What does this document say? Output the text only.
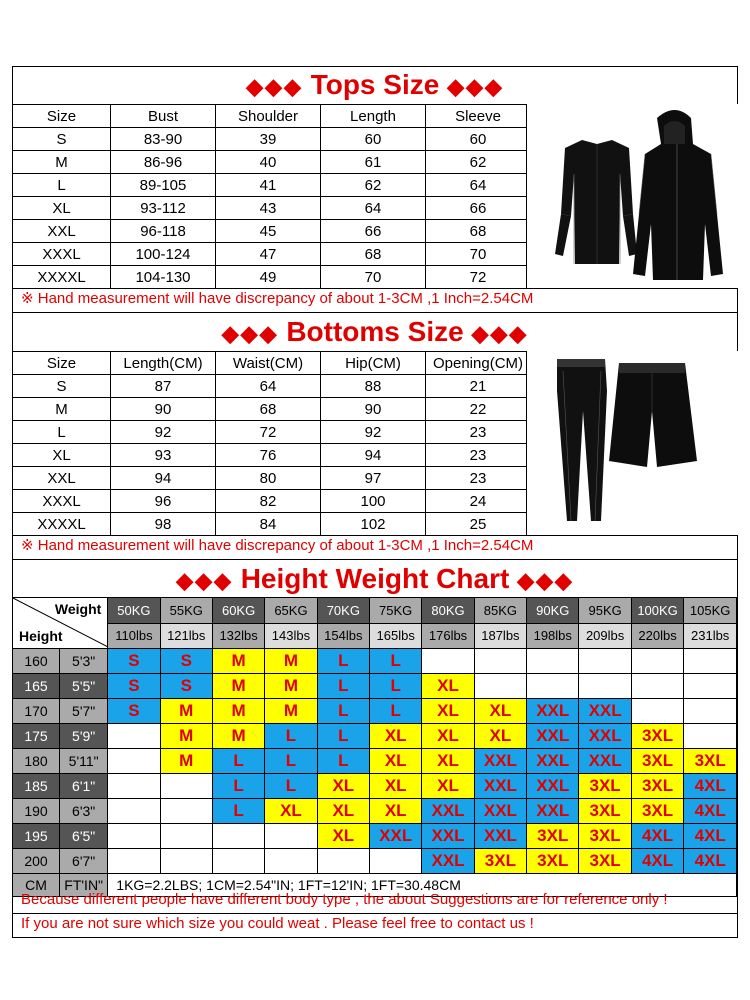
◆◆◆ Tops Size ◆◆◆
Size	Bust	Shoulder	Length	Sleeve
S	83-90	39	60	60
M	86-96	40	61	62
L	89-105	41	62	64
XL	93-112	43	64	66
XXL	96-118	45	66	68
XXXL	100-124	47	68	70
XXXXL	104-130	49	70	72
※ Hand measurement will have discrepancy of about 1-3CM ,1 Inch=2.54CM
◆◆◆ Bottoms Size ◆◆◆
Size	Length(CM)	Waist(CM)	Hip(CM)	Opening(CM)
S	87	64	88	21
M	90	68	90	22
L	92	72	92	23
XL	93	76	94	23
XXL	94	80	97	23
XXXL	96	82	100	24
XXXXL	98	84	102	25
※ Hand measurement will have discrepancy of about 1-3CM ,1 Inch=2.54CM
◆◆◆ Height Weight Chart ◆◆◆
Weight
Height		50KG	55KG	60KG	65KG	70KG	75KG	80KG	85KG	90KG	95KG	100KG	105KG
		110lbs	121lbs	132lbs	143lbs	154lbs	165lbs	176lbs	187lbs	198lbs	209lbs	220lbs	231lbs
160	5'3"	S	S	M	M	L	L						
165	5'5"	S	S	M	M	L	L	XL					
170	5'7"	S	M	M	M	L	L	XL	XL	XXL	XXL		
175	5'9"		M	M	L	L	XL	XL	XL	XXL	XXL	3XL	
180	5'11"		M	L	L	L	XL	XL	XXL	XXL	XXL	3XL	3XL
185	6'1"			L	L	XL	XL	XL	XXL	XXL	3XL	3XL	4XL
190	6'3"			L	XL	XL	XL	XXL	XXL	XXL	3XL	3XL	4XL
195	6'5"					XL	XXL	XXL	XXL	3XL	3XL	4XL	4XL
200	6'7"							XXL	3XL	3XL	3XL	4XL	4XL
CM	FT'IN"	1KG=2.2LBS; 1CM=2.54"IN; 1FT=12'IN; 1FT=30.48CM											
Because different people have different body type , the about Suggestions are for reference only !
If you are not sure which size you could weat . Please feel free to contact us !
